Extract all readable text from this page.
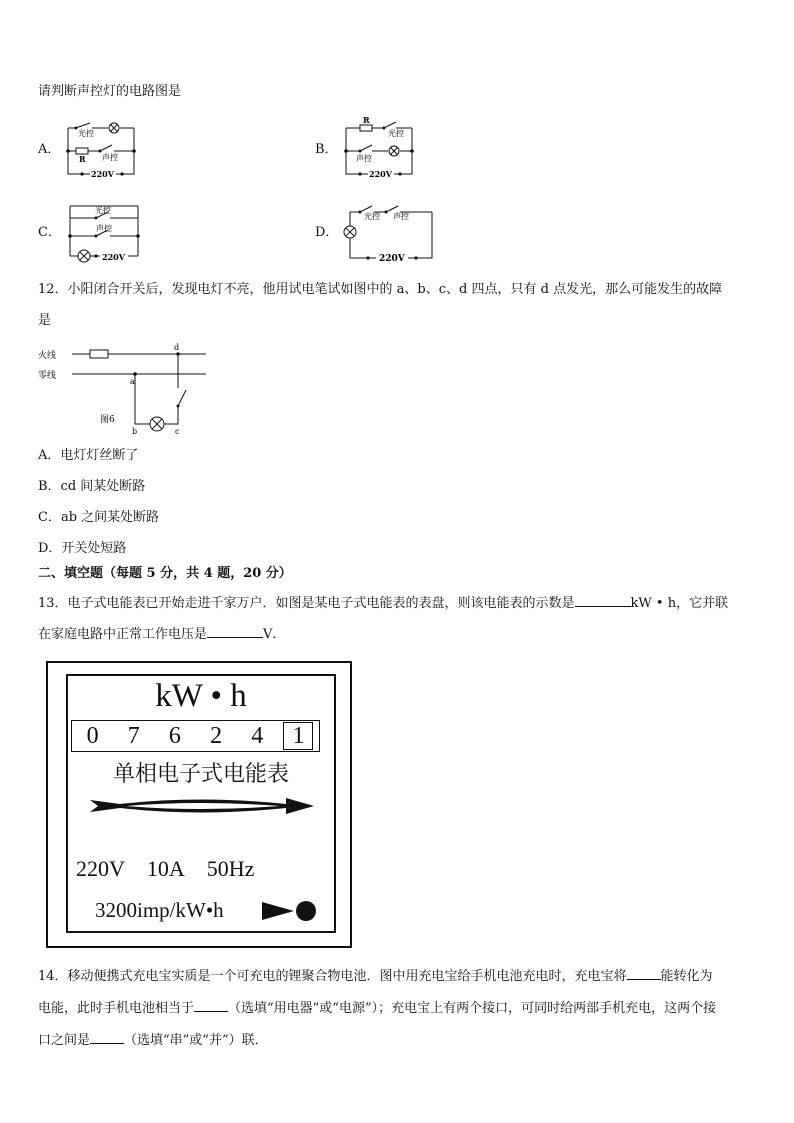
请判断声控灯的电路图是
A．
光控
R 声控
220V
B．
R
光控
声控
220V
C．
光控
声控
220V
D．
光控 声控
220V
12．小阳闭合开关后，发现电灯不亮，他用试电笔试如图中的 a、b、c、d 四点，只有 d 点发光，那么可能发生的故障
是
火线
零线
a
b	c
d
图6
A．电灯灯丝断了
B．cd 间某处断路
C．ab 之间某处断路
D．开关处短路
二、填空题（每题 5 分，共 4 题，20 分）
13．电子式电能表已开始走进千家万户．如图是某电子式电能表的表盘，则该电能表的示数是	kW • h，它并联
在家庭电路中正常工作电压是	V．
kW • h
0	7	6	2	4	1
单相电子式电能表
220V 10A 50Hz
3200imp/kW•h
14．移动便携式充电宝实质是一个可充电的锂聚合物电池．图中用充电宝给手机电池充电时，充电宝将	能转化为
电能，此时手机电池相当于	（选填“用电器”或“电源”）；充电宝上有两个接口，可同时给两部手机充电，这两个接
口之间是	（选填“串”或“并”）联．
